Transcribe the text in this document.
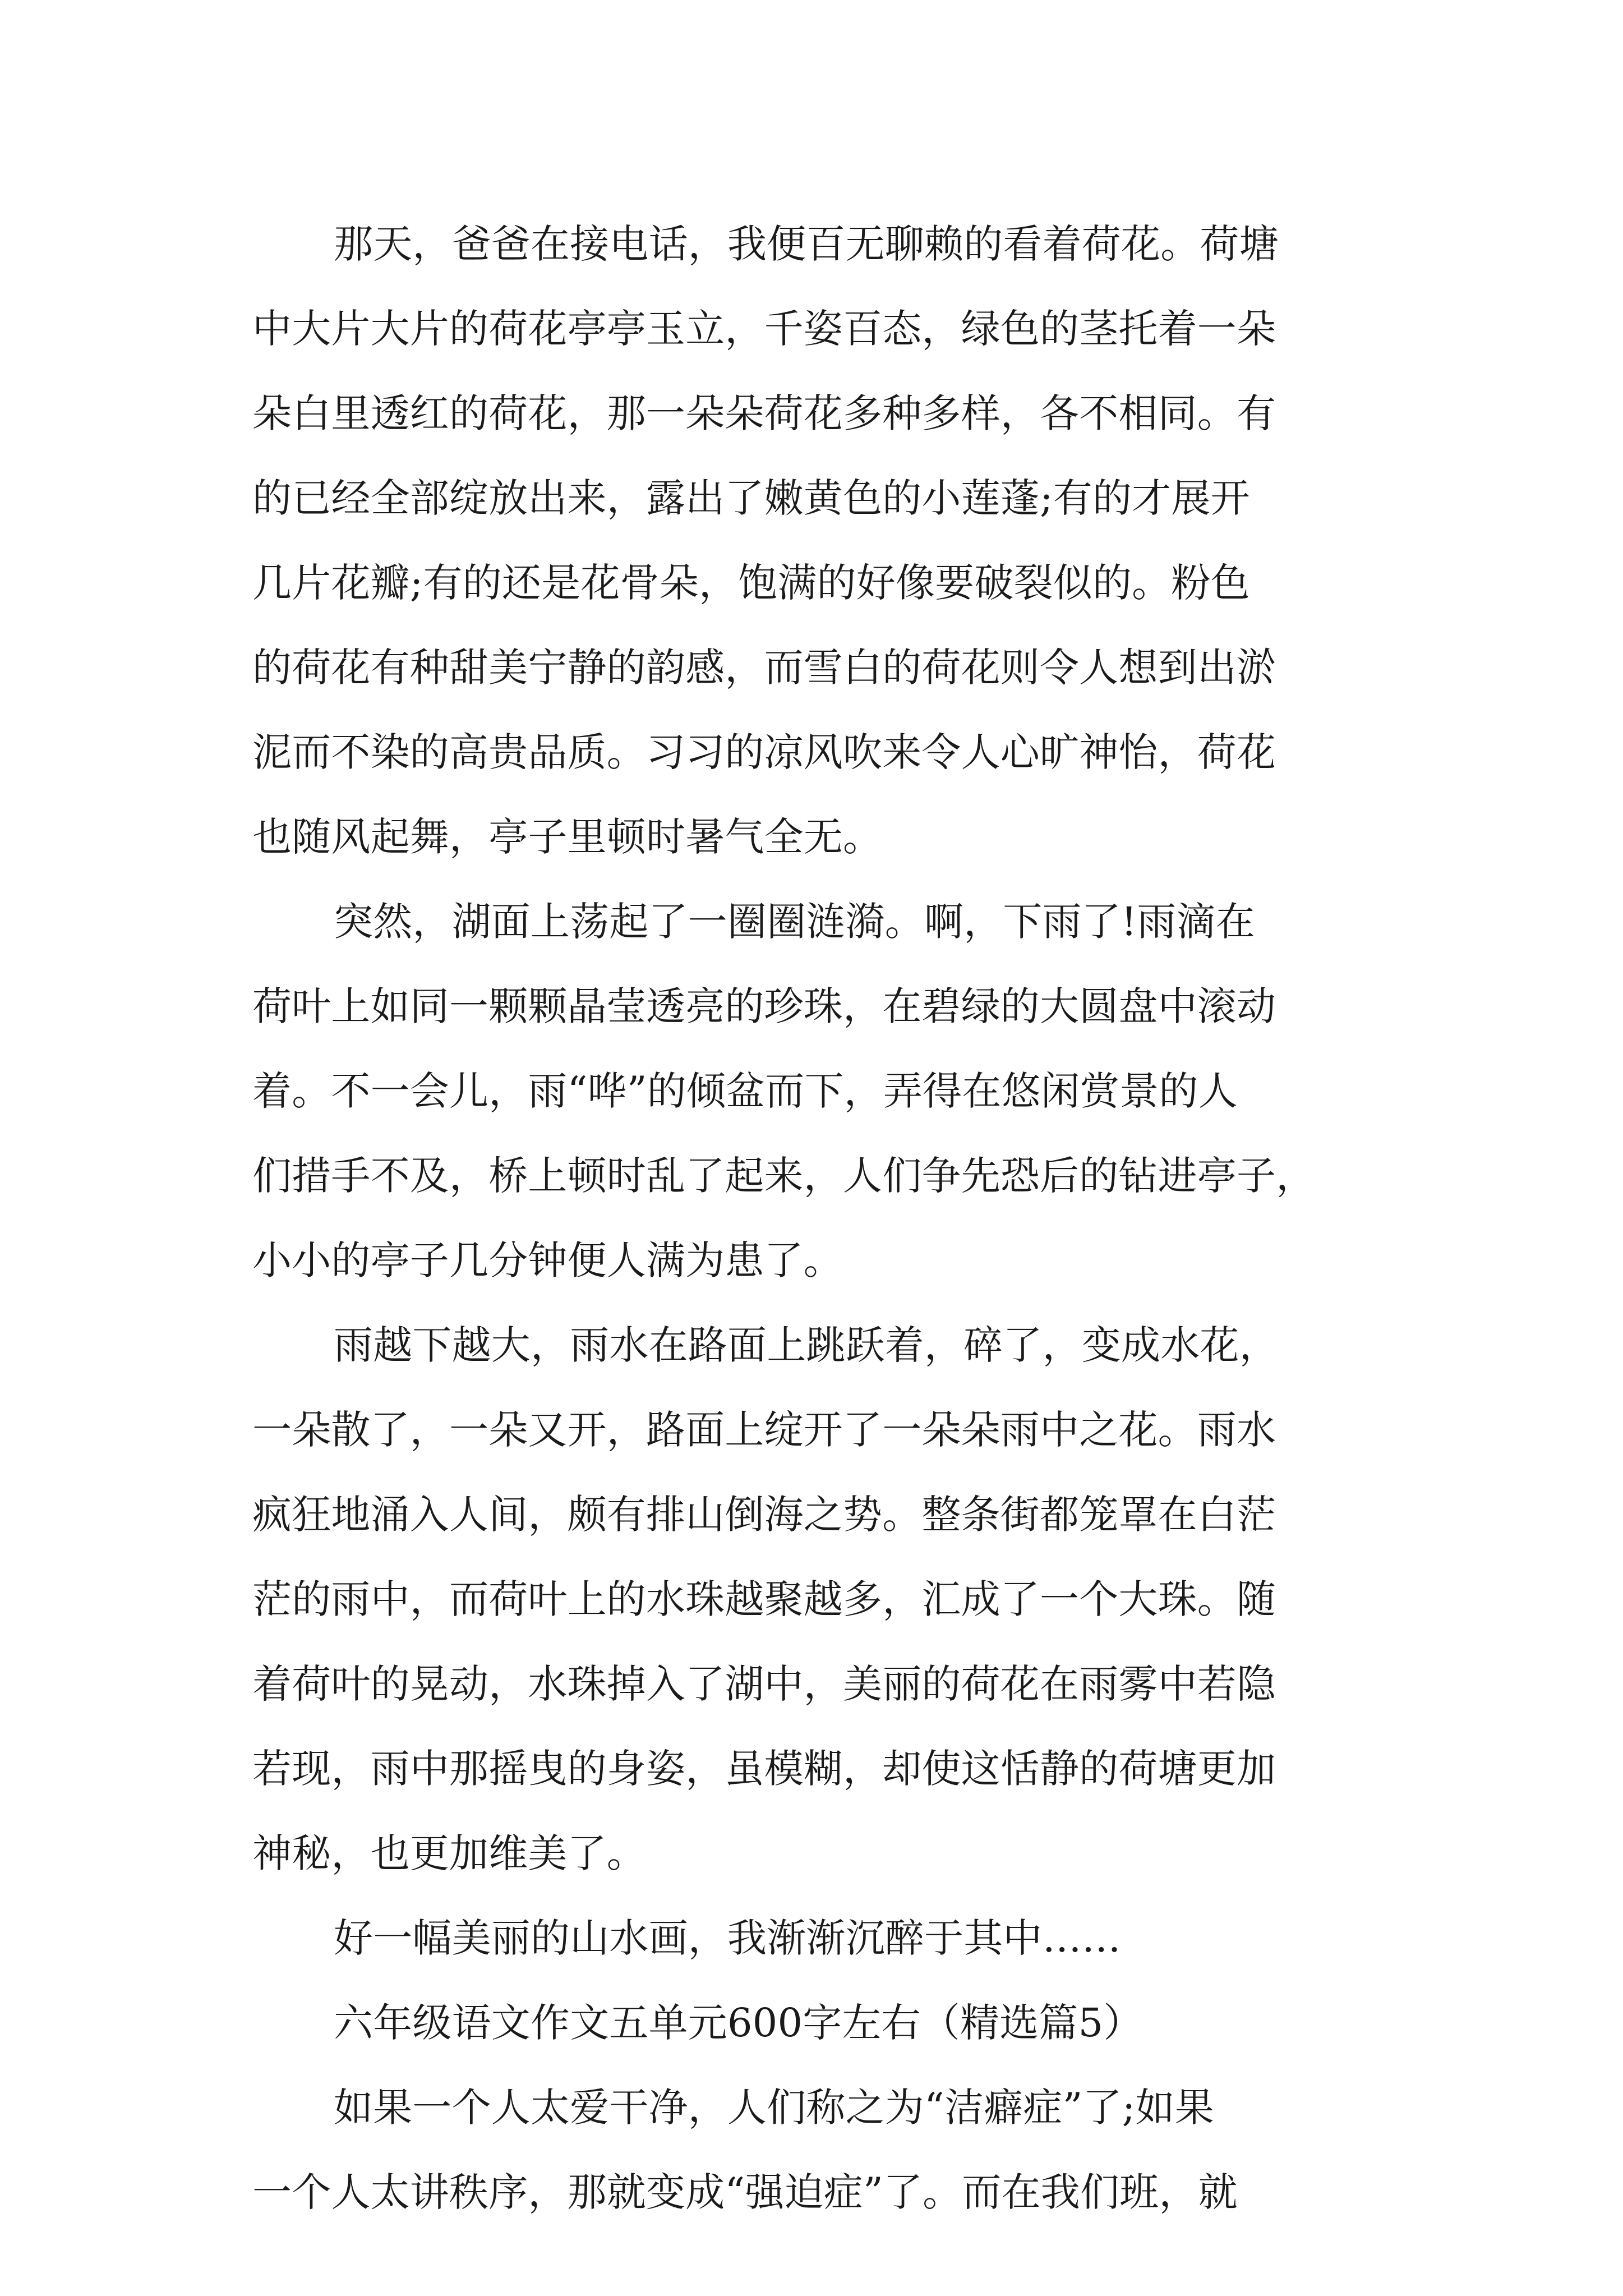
那天，爸爸在接电话，我便百无聊赖的看着荷花。荷塘
中大片大片的荷花亭亭玉立，千姿百态，绿色的茎托着一朵
朵白里透红的荷花，那一朵朵荷花多种多样，各不相同。有
的已经全部绽放出来，露出了嫩黄色的小莲蓬;有的才展开
几片花瓣;有的还是花骨朵，饱满的好像要破裂似的。粉色
的荷花有种甜美宁静的韵感，而雪白的荷花则令人想到出淤
泥而不染的高贵品质。习习的凉风吹来令人心旷神怡，荷花
也随风起舞，亭子里顿时暑气全无。
突然，湖面上荡起了一圈圈涟漪。啊，下雨了!雨滴在
荷叶上如同一颗颗晶莹透亮的珍珠，在碧绿的大圆盘中滚动
着。不一会儿，雨“哗”的倾盆而下，弄得在悠闲赏景的人
们措手不及，桥上顿时乱了起来，人们争先恐后的钻进亭子，
小小的亭子几分钟便人满为患了。
雨越下越大，雨水在路面上跳跃着，碎了，变成水花，
一朵散了，一朵又开，路面上绽开了一朵朵雨中之花。雨水
疯狂地涌入人间，颇有排山倒海之势。整条街都笼罩在白茫
茫的雨中，而荷叶上的水珠越聚越多，汇成了一个大珠。随
着荷叶的晃动，水珠掉入了湖中，美丽的荷花在雨雾中若隐
若现，雨中那摇曳的身姿，虽模糊，却使这恬静的荷塘更加
神秘，也更加维美了。
好一幅美丽的山水画，我渐渐沉醉于其中……
六年级语文作文五单元600字左右（精选篇5）
如果一个人太爱干净，人们称之为“洁癖症”了;如果
一个人太讲秩序，那就变成“强迫症”了。而在我们班，就
